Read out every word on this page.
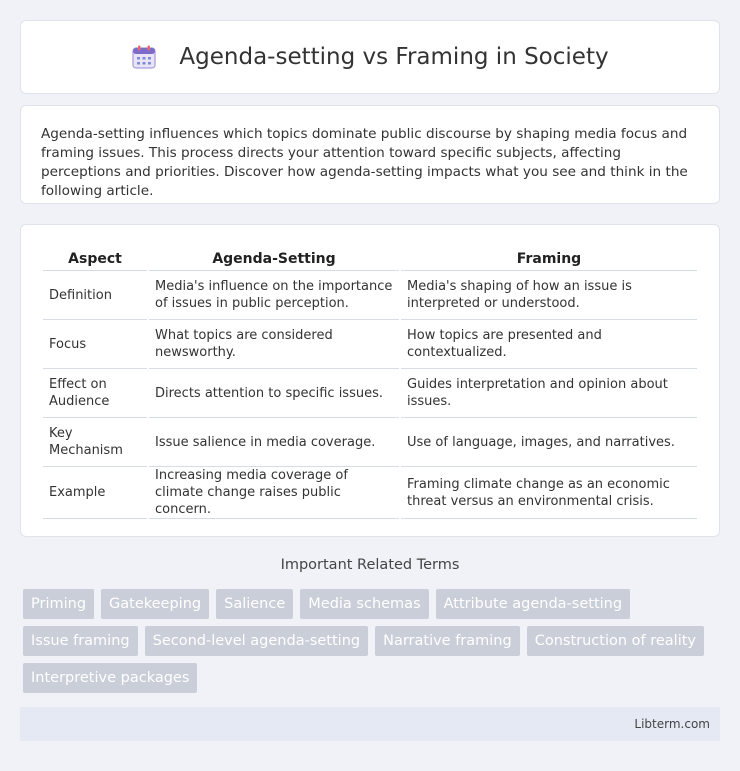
Agenda-setting vs Framing in Society

Agenda-setting influences which topics dominate public discourse by shaping media focus and framing issues. This process directs your attention toward specific subjects, affecting perceptions and priorities. Discover how agenda-setting impacts what you see and think in the following article.

Aspect	Agenda-Setting	Framing
Definition	Media's influence on the importance of issues in public perception.	Media's shaping of how an issue is interpreted or understood.
Focus	What topics are considered newsworthy.	How topics are presented and contextualized.
Effect on Audience	Directs attention to specific issues.	Guides interpretation and opinion about issues.
Key Mechanism	Issue salience in media coverage.	Use of language, images, and narratives.
Example	Increasing media coverage of climate change raises public concern.	Framing climate change as an economic threat versus an environmental crisis.
Important Related Terms
Priming	Gatekeeping	Salience	Media schemas	Attribute agenda-setting
Issue framing	Second-level agenda-setting	Narrative framing	Construction of reality
Interpretive packages
Libterm.com
